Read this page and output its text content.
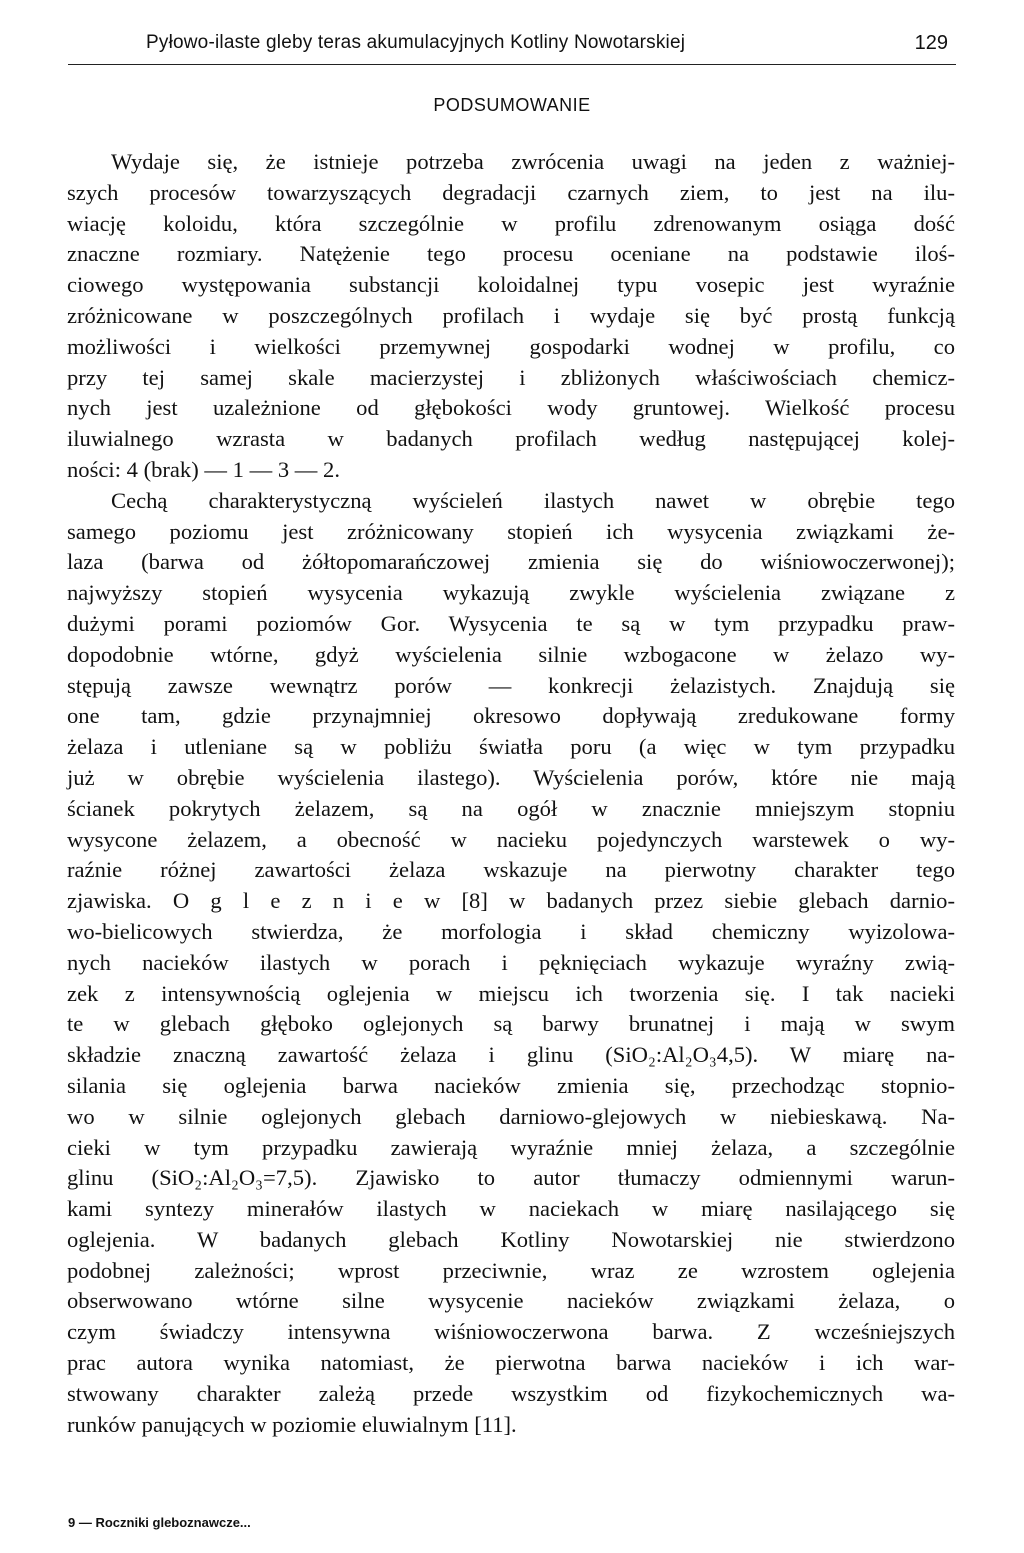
Pyłowo-ilaste gleby teras akumulacyjnych Kotliny Nowotarskiej	129
PODSUMOWANIE
Wydaje się, że istnieje potrzeba zwrócenia uwagi na jeden z ważniej-
szych procesów towarzyszących degradacji czarnych ziem, to jest na ilu-
wiację koloidu, która szczególnie w profilu zdrenowanym osiąga dość
znaczne rozmiary. Natężenie tego procesu oceniane na podstawie iloś-
ciowego występowania substancji koloidalnej typu vosepic jest wyraźnie
zróżnicowane w poszczególnych profilach i wydaje się być prostą funkcją
możliwości i wielkości przemywnej gospodarki wodnej w profilu, co
przy tej samej skale macierzystej i zbliżonych właściwościach chemicz-
nych jest uzależnione od głębokości wody gruntowej. Wielkość procesu
iluwialnego wzrasta w badanych profilach według następującej kolej-
ności: 4 (brak) — 1 — 3 — 2.
Cechą charakterystyczną wyścieleń ilastych nawet w obrębie tego
samego poziomu jest zróżnicowany stopień ich wysycenia związkami że-
laza (barwa od żółtopomarańczowej zmienia się do wiśniowoczerwonej);
najwyższy stopień wysycenia wykazują zwykle wyścielenia związane z
dużymi porami poziomów Gor. Wysycenia te są w tym przypadku praw-
dopodobnie wtórne, gdyż wyścielenia silnie wzbogacone w żelazo wy-
stępują zawsze wewnątrz porów — konkrecji żelazistych. Znajdują się
one tam, gdzie przynajmniej okresowo dopływają zredukowane formy
żelaza i utleniane są w pobliżu światła poru (a więc w tym przypadku
już w obrębie wyścielenia ilastego). Wyścielenia porów, które nie mają
ścianek pokrytych żelazem, są na ogół w znacznie mniejszym stopniu
wysycone żelazem, a obecność w nacieku pojedynczych warstewek o wy-
raźnie różnej zawartości żelaza wskazuje na pierwotny charakter tego
zjawiska. O g l e z n i e w [8] w badanych przez siebie glebach darnio-
wo-bielicowych stwierdza, że morfologia i skład chemiczny wyizolowa-
nych nacieków ilastych w porach i pęknięciach wykazuje wyraźny zwią-
zek z intensywnością oglejenia w miejscu ich tworzenia się. I tak nacieki
te w glebach głęboko oglejonych są barwy brunatnej i mają w swym
składzie znaczną zawartość żelaza i glinu (SiO₂:Al₂O₃4,5). W miarę na-
silania się oglejenia barwa nacieków zmienia się, przechodząc stopnio-
wo w silnie oglejonych glebach darniowo-glejowych w niebieskawą. Na-
cieki w tym przypadku zawierają wyraźnie mniej żelaza, a szczególnie
glinu (SiO₂:Al₂O₃=7,5). Zjawisko to autor tłumaczy odmiennymi warun-
kami syntezy minerałów ilastych w naciekach w miarę nasilającego się
oglejenia. W badanych glebach Kotliny Nowotarskiej nie stwierdzono
podobnej zależności; wprost przeciwnie, wraz ze wzrostem oglejenia
obserwowano wtórne silne wysycenie nacieków związkami żelaza, o
czym świadczy intensywna wiśniowoczerwona barwa. Z wcześniejszych
prac autora wynika natomiast, że pierwotna barwa nacieków i ich war-
stwowany charakter zależą przede wszystkim od fizykochemicznych wa-
runków panujących w poziomie eluwialnym [11].
9 — Roczniki gleboznawcze...
